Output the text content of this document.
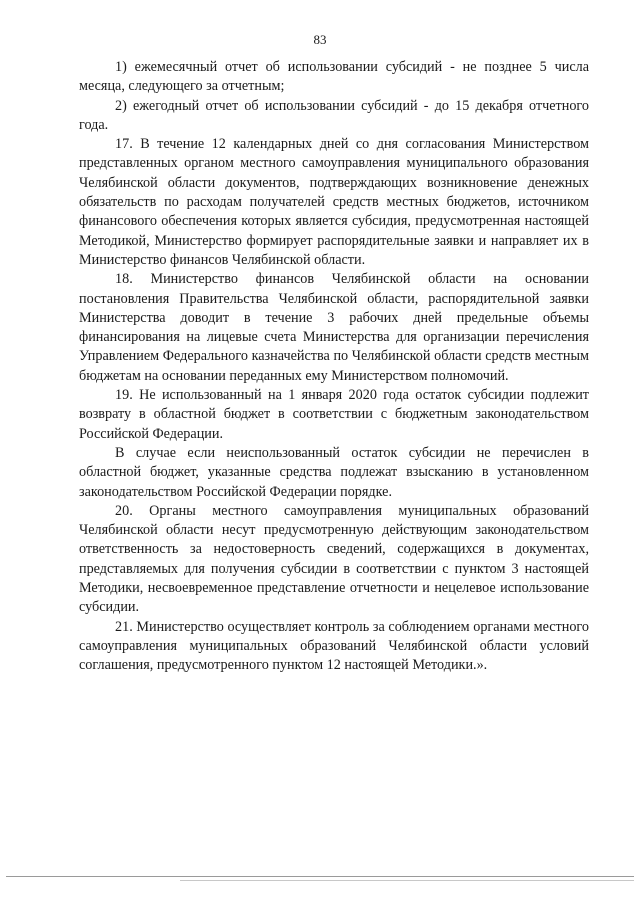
83

1) ежемесячный отчет об использовании субсидий - не позднее 5 числа месяца, следующего за отчетным;

2) ежегодный отчет об использовании субсидий - до 15 декабря отчетного года.

17. В течение 12 календарных дней со дня согласования Министерством представленных органом местного самоуправления муниципального образования Челябинской области документов, подтверждающих возникновение денежных обязательств по расходам получателей средств местных бюджетов, источником финансового обеспечения которых является субсидия, предусмотренная настоящей Методикой, Министерство формирует распорядительные заявки и направляет их в Министерство финансов Челябинской области.

18. Министерство финансов Челябинской области на основании постановления Правительства Челябинской области, распорядительной заявки Министерства доводит в течение 3 рабочих дней предельные объемы финансирования на лицевые счета Министерства для организации перечисления Управлением Федерального казначейства по Челябинской области средств местным бюджетам на основании переданных ему Министерством полномочий.

19. Не использованный на 1 января 2020 года остаток субсидии подлежит возврату в областной бюджет в соответствии с бюджетным законодательством Российской Федерации.

В случае если неиспользованный остаток субсидии не перечислен в областной бюджет, указанные средства подлежат взысканию в установленном законодательством Российской Федерации порядке.

20. Органы местного самоуправления муниципальных образований Челябинской области несут предусмотренную действующим законодательством ответственность за недостоверность сведений, содержащихся в документах, представляемых для получения субсидии в соответствии с пунктом 3 настоящей Методики, несвоевременное представление отчетности и нецелевое использование субсидии.

21. Министерство осуществляет контроль за соблюдением органами местного самоуправления муниципальных образований Челябинской области условий соглашения, предусмотренного пунктом 12 настоящей Методики.».
